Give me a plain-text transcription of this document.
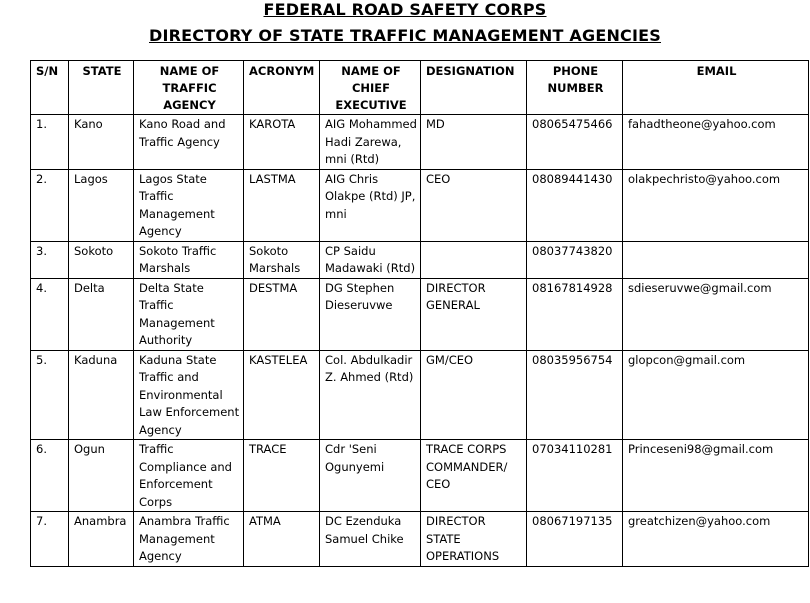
FEDERAL ROAD SAFETY CORPS
DIRECTORY OF STATE TRAFFIC MANAGEMENT AGENCIES
S/N	STATE	NAME OF TRAFFIC AGENCY	ACRONYM	NAME OF CHIEF EXECUTIVE	DESIGNATION	PHONE NUMBER	EMAIL
1.	Kano	Kano Road and Traffic Agency	KAROTA	AIG Mohammed Hadi Zarewa, mni (Rtd)	MD	08065475466	fahadtheone@yahoo.com
2.	Lagos	Lagos State Traffic Management Agency	LASTMA	AIG Chris Olakpe (Rtd) JP, mni	CEO	08089441430	olakpechristo@yahoo.com
3.	Sokoto	Sokoto Traffic Marshals	Sokoto Marshals	CP Saidu Madawaki (Rtd)		08037743820	
4.	Delta	Delta State Traffic Management Authority	DESTMA	DG Stephen Dieseruvwe	DIRECTOR GENERAL	08167814928	sdieseruvwe@gmail.com
5.	Kaduna	Kaduna State Traffic and Environmental Law Enforcement Agency	KASTELEA	Col. Abdulkadir Z. Ahmed (Rtd)	GM/CEO	08035956754	glopcon@gmail.com
6.	Ogun	Traffic Compliance and Enforcement Corps	TRACE	Cdr 'Seni Ogunyemi	TRACE CORPS COMMANDER/ CEO	07034110281	Princeseni98@gmail.com
7.	Anambra	Anambra Traffic Management Agency	ATMA	DC Ezenduka Samuel Chike	DIRECTOR STATE OPERATIONS	08067197135	greatchizen@yahoo.com
